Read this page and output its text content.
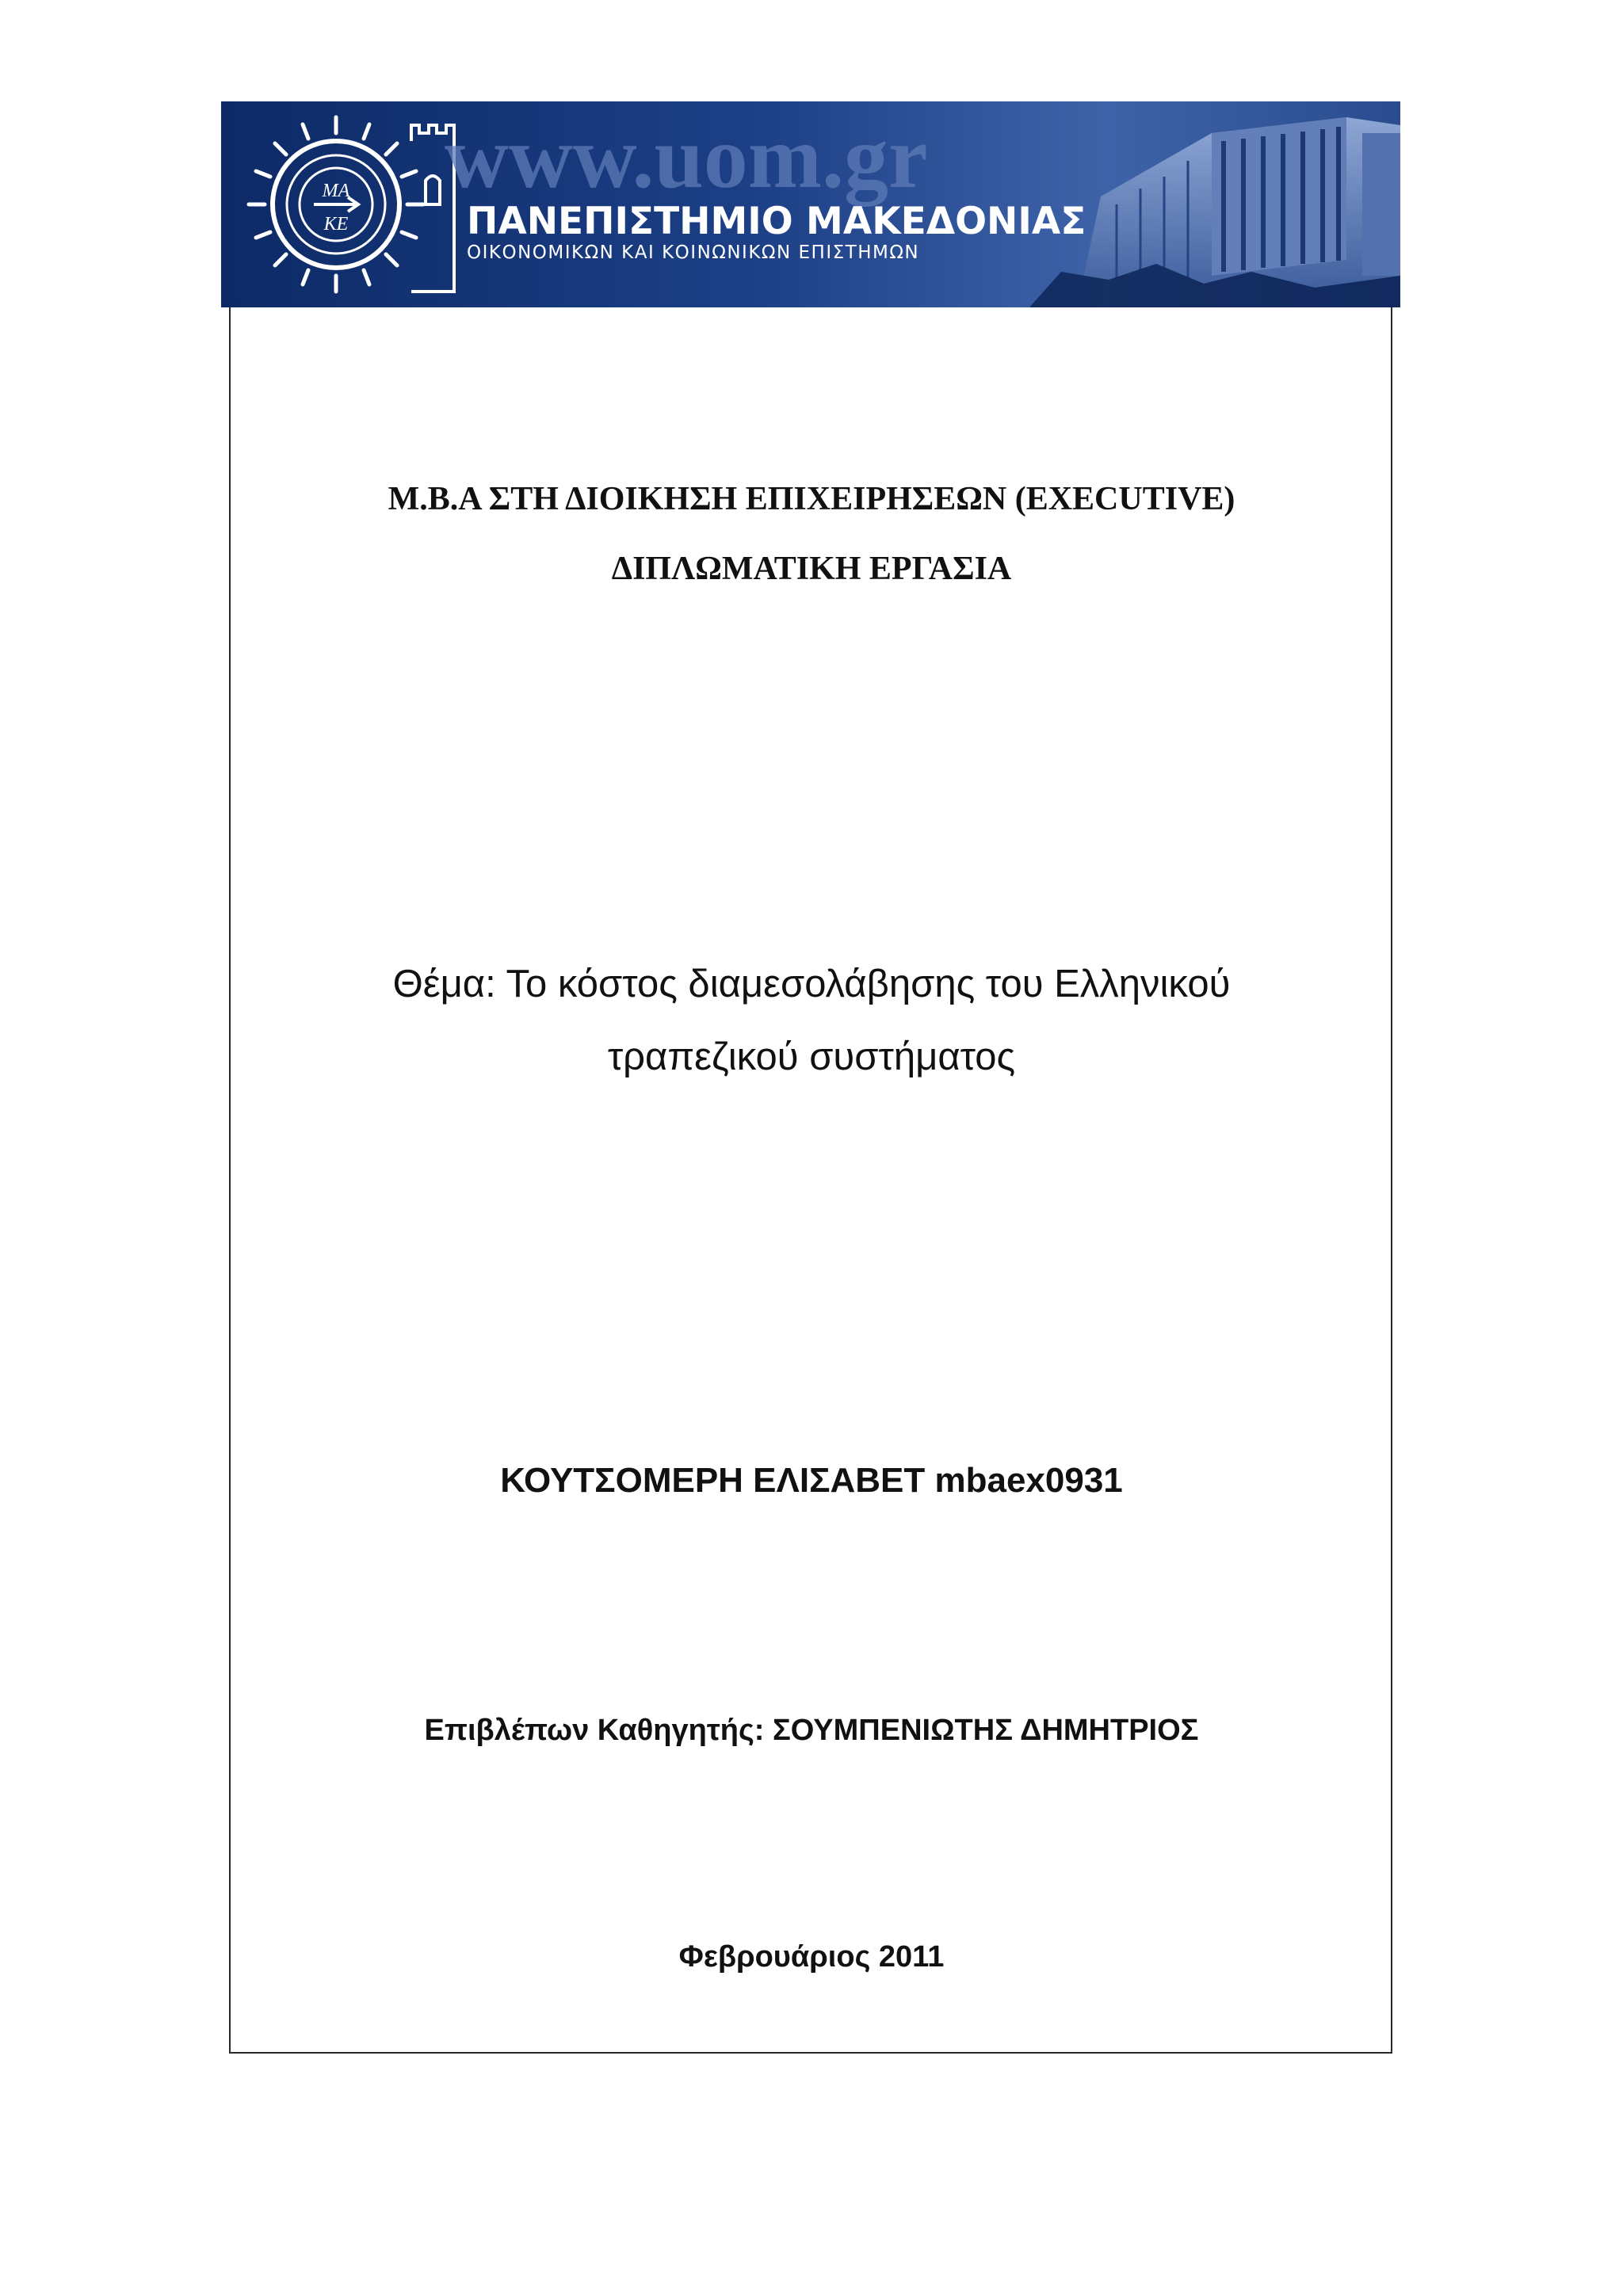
ΜΑ
ΚΕ
www.uom.gr
ΠΑΝΕΠΙΣΤΗΜΙΟ ΜΑΚΕΔΟΝΙΑΣ
ΟΙΚΟΝΟΜΙΚΩΝ ΚΑΙ ΚΟΙΝΩΝΙΚΩΝ ΕΠΙΣΤΗΜΩΝ
Μ.Β.Α ΣΤΗ ΔΙΟΙΚΗΣΗ ΕΠΙΧΕΙΡΗΣΕΩΝ (EXECUTIVE)
ΔΙΠΛΩΜΑΤΙΚΗ ΕΡΓΑΣΙΑ
Θέμα: Το κόστος διαμεσολάβησης του Ελληνικού
τραπεζικού συστήματος
ΚΟΥΤΣΟΜΕΡΗ ΕΛΙΣΑΒΕΤ mbaex0931
Επιβλέπων Καθηγητής: ΣΟΥΜΠΕΝΙΩΤΗΣ ΔΗΜΗΤΡΙΟΣ
Φεβρουάριος 2011
